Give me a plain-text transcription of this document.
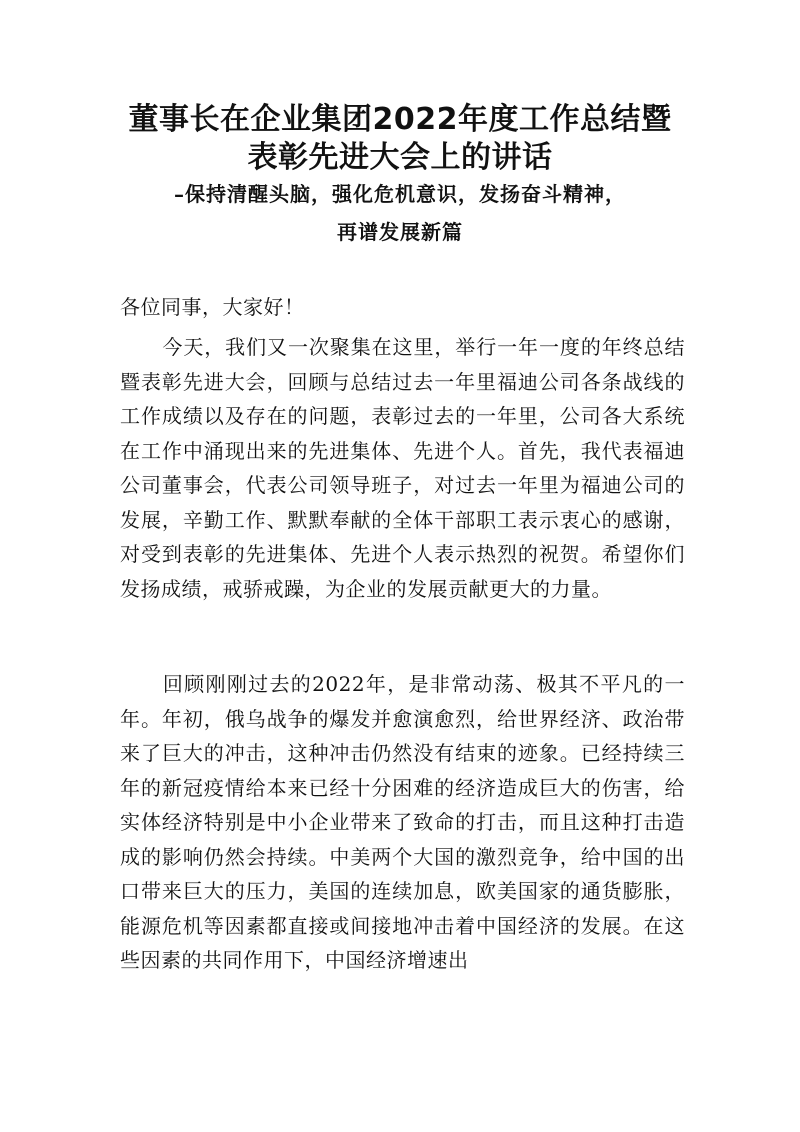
董事长在企业集团2022年度工作总结暨
表彰先进大会上的讲话

–保持清醒头脑，强化危机意识，发扬奋斗精神，

再谱发展新篇

各位同事，大家好！

今天，我们又一次聚集在这里，举行一年一度的年终总结暨表彰先进大会，回顾与总结过去一年里福迪公司各条战线的工作成绩以及存在的问题，表彰过去的一年里，公司各大系统在工作中涌现出来的先进集体、先进个人。首先，我代表福迪公司董事会，代表公司领导班子，对过去一年里为福迪公司的发展，辛勤工作、默默奉献的全体干部职工表示衷心的感谢，对受到表彰的先进集体、先进个人表示热烈的祝贺。希望你们发扬成绩，戒骄戒躁，为企业的发展贡献更大的力量。

回顾刚刚过去的2022年，是非常动荡、极其不平凡的一年。年初，俄乌战争的爆发并愈演愈烈，给世界经济、政治带来了巨大的冲击，这种冲击仍然没有结束的迹象。已经持续三年的新冠疫情给本来已经十分困难的经济造成巨大的伤害，给实体经济特别是中小企业带来了致命的打击，而且这种打击造成的影响仍然会持续。中美两个大国的激烈竞争，给中国的出口带来巨大的压力，美国的连续加息，欧美国家的通货膨胀，能源危机等因素都直接或间接地冲击着中国经济的发展。在这些因素的共同作用下，中国经济增速出
